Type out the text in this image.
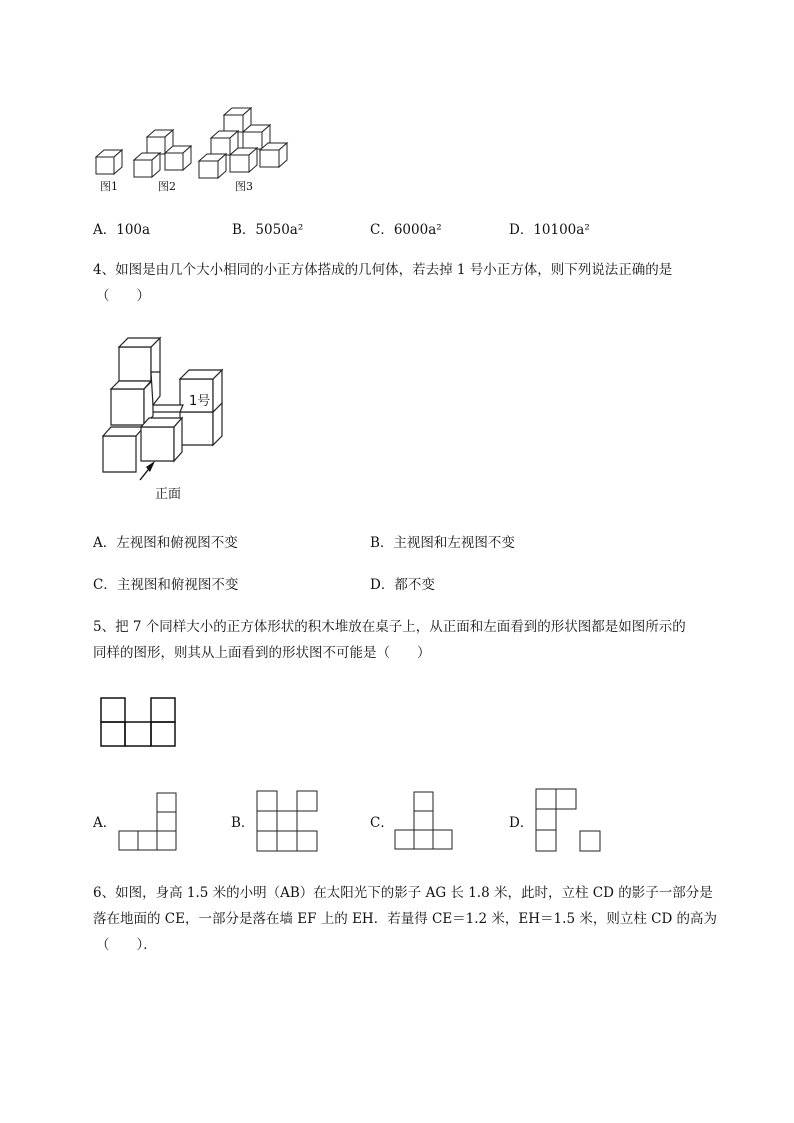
图1	图2	图3
A．100a	B．5050a²	C．6000a²	D．10100a²
4、如图是由几个大小相同的小正方体搭成的几何体，若去掉 1 号小正方体，则下列说法正确的是
（　　）
1号
正面
A．左视图和俯视图不变	B．主视图和左视图不变
C．主视图和俯视图不变	D．都不变
5、把 7 个同样大小的正方体形状的积木堆放在桌子上，从正面和左面看到的形状图都是如图所示的
同样的图形，则其从上面看到的形状图不可能是（　　）
A．	B．	C．	D．
6、如图，身高 1.5 米的小明（AB）在太阳光下的影子 AG 长 1.8 米，此时，立柱 CD 的影子一部分是
落在地面的 CE，一部分是落在墙 EF 上的 EH．若量得 CE＝1.2 米，EH＝1.5 米，则立柱 CD 的高为
（　　）．
